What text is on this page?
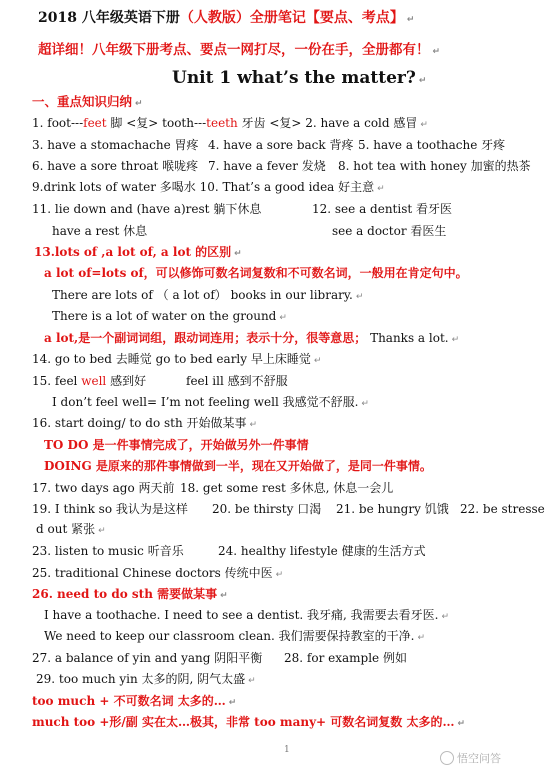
2018 八年级英语下册（人教版）全册笔记【要点、考点】 ↵
超详细！八年级下册考点、要点一网打尽，一份在手，全册都有！ ↵
Unit 1 what’s the matter? ↵
一、重点知识归纳 ↵
1. foot---feet 脚 <复> tooth---teeth 牙齿 <复> 2. have a cold 感冒 ↵
3. have a stomachache 胃疼 4. have a sore back 背疼 5. have a toothache 牙疼
6. have a sore throat 喉咙疼 7. have a fever 发烧 8. hot tea with honey 加蜜的热茶
9.drink lots of water 多喝水 10. That’s a good idea 好主意 ↵
11. lie down and (have a)rest 躺下休息	12. see a dentist 看牙医
have a rest 休息	see a doctor 看医生
13.lots of ,a lot of, a lot 的区别 ↵
a lot of=lots of，可以修饰可数名词复数和不可数名词，一般用在肯定句中。
There are lots of （ a lot of） books in our library. ↵
There is a lot of water on the ground ↵
a lot,是一个副词词组，跟动词连用；表示十分，很等意思； Thanks a lot. ↵
14. go to bed 去睡觉 go to bed early 早上床睡觉 ↵
15. feel well 感到好	feel ill 感到不舒服
I don’t feel well= I’m not feeling well 我感觉不舒服. ↵
16. start doing/ to do sth 开始做某事 ↵
TO DO 是一件事情完成了，开始做另外一件事情
DOING 是原来的那件事情做到一半，现在又开始做了，是同一件事情。
17. two days ago 两天前 18. get some rest 多休息, 休息一会儿
19. I think so 我认为是这样 20. be thirsty 口渴 21. be hungry 饥饿 22. be stresse
d out 紧张 ↵
23. listen to music 听音乐	24. healthy lifestyle 健康的生活方式
25. traditional Chinese doctors 传统中医 ↵
26. need to do sth 需要做某事 ↵
I have a toothache. I need to see a dentist. 我牙痛, 我需要去看牙医. ↵
We need to keep our classroom clean. 我们需要保持教室的干净. ↵
27. a balance of yin and yang 阴阳平衡 28. for example 例如
29. too much yin 太多的阴, 阴气太盛 ↵
too much + 不可数名词 太多的… ↵
much too +形/副 实在太…极其，非常 too many+ 可数名词复数 太多的… ↵
1
悟空问答
